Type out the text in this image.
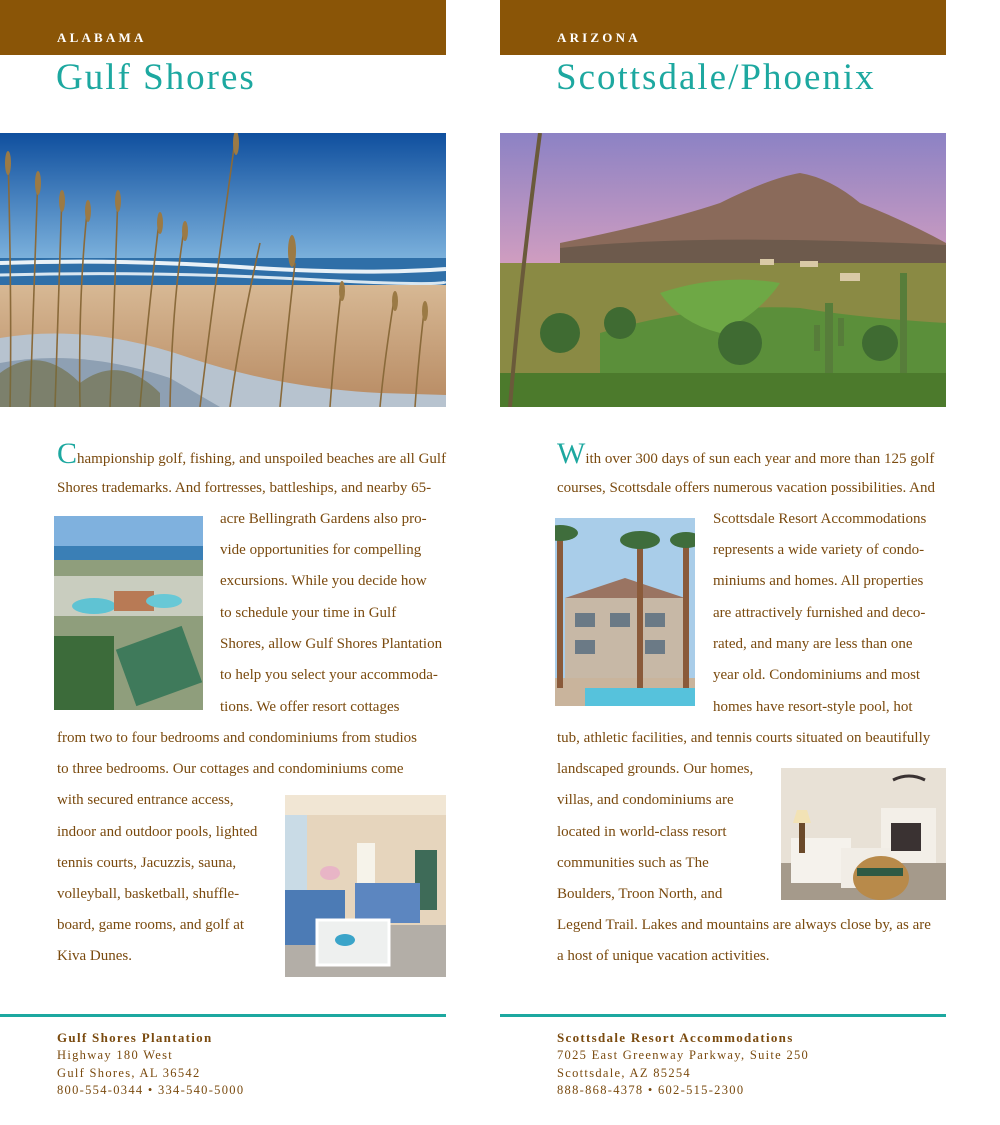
ALABAMA
Gulf Shores
Championship golf, fishing, and unspoiled beaches are all Gulf
Shores trademarks. And fortresses, battleships, and nearby 65-
acre Bellingrath Gardens also pro-
vide opportunities for compelling
excursions. While you decide how
to schedule your time in Gulf
Shores, allow Gulf Shores Plantation
to help you select your accommoda-
tions. We offer resort cottages
from two to four bedrooms and condominiums from studios
to three bedrooms. Our cottages and condominiums come
with secured entrance access,
indoor and outdoor pools, lighted
tennis courts, Jacuzzis, sauna,
volleyball, basketball, shuffle-
board, game rooms, and golf at
Kiva Dunes.
Gulf Shores Plantation
Highway 180 West
Gulf Shores, AL 36542
800-554-0344 • 334-540-5000
ARIZONA
Scottsdale/Phoenix
With over 300 days of sun each year and more than 125 golf
courses, Scottsdale offers numerous vacation possibilities. And
Scottsdale Resort Accommodations
represents a wide variety of condo-
miniums and homes. All properties
are attractively furnished and deco-
rated, and many are less than one
year old. Condominiums and most
homes have resort-style pool, hot
tub, athletic facilities, and tennis courts situated on beautifully
landscaped grounds. Our homes,
villas, and condominiums are
located in world-class resort
communities such as The
Boulders, Troon North, and
Legend Trail. Lakes and mountains are always close by, as are
a host of unique vacation activities.
Scottsdale Resort Accommodations
7025 East Greenway Parkway, Suite 250
Scottsdale, AZ 85254
888-868-4378 • 602-515-2300
